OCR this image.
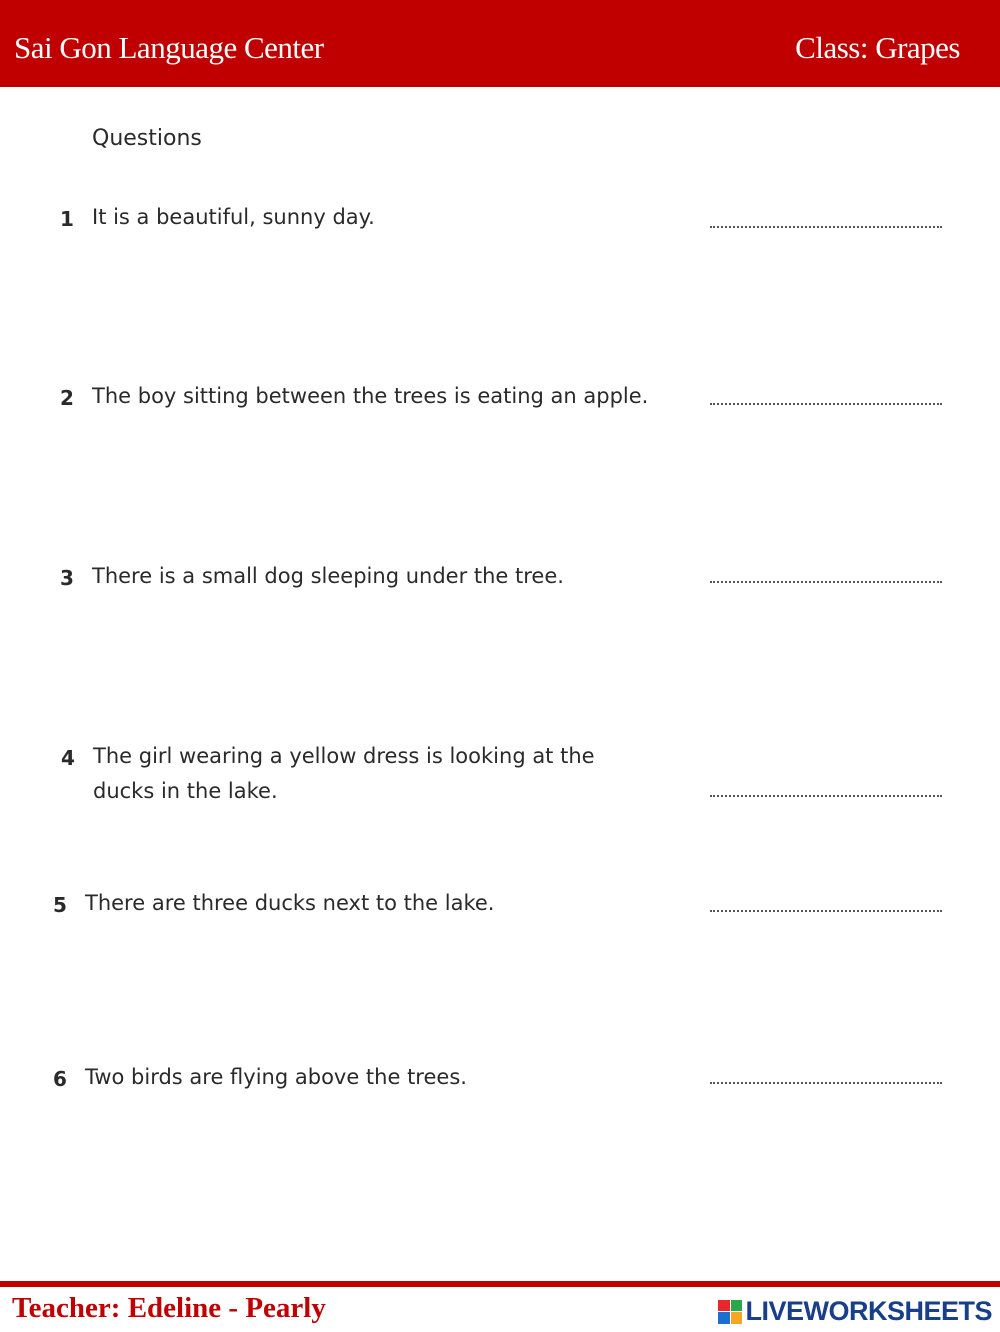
Sai Gon Language Center	Class: Grapes
Questions
1 It is a beautiful, sunny day.
2 The boy sitting between the trees is eating an apple.
3 There is a small dog sleeping under the tree.
4 The girl wearing a yellow dress is looking at the
ducks in the lake.
5 There are three ducks next to the lake.
6 Two birds are flying above the trees.
Teacher: Edeline - Pearly	LIVEWORKSHEETS
